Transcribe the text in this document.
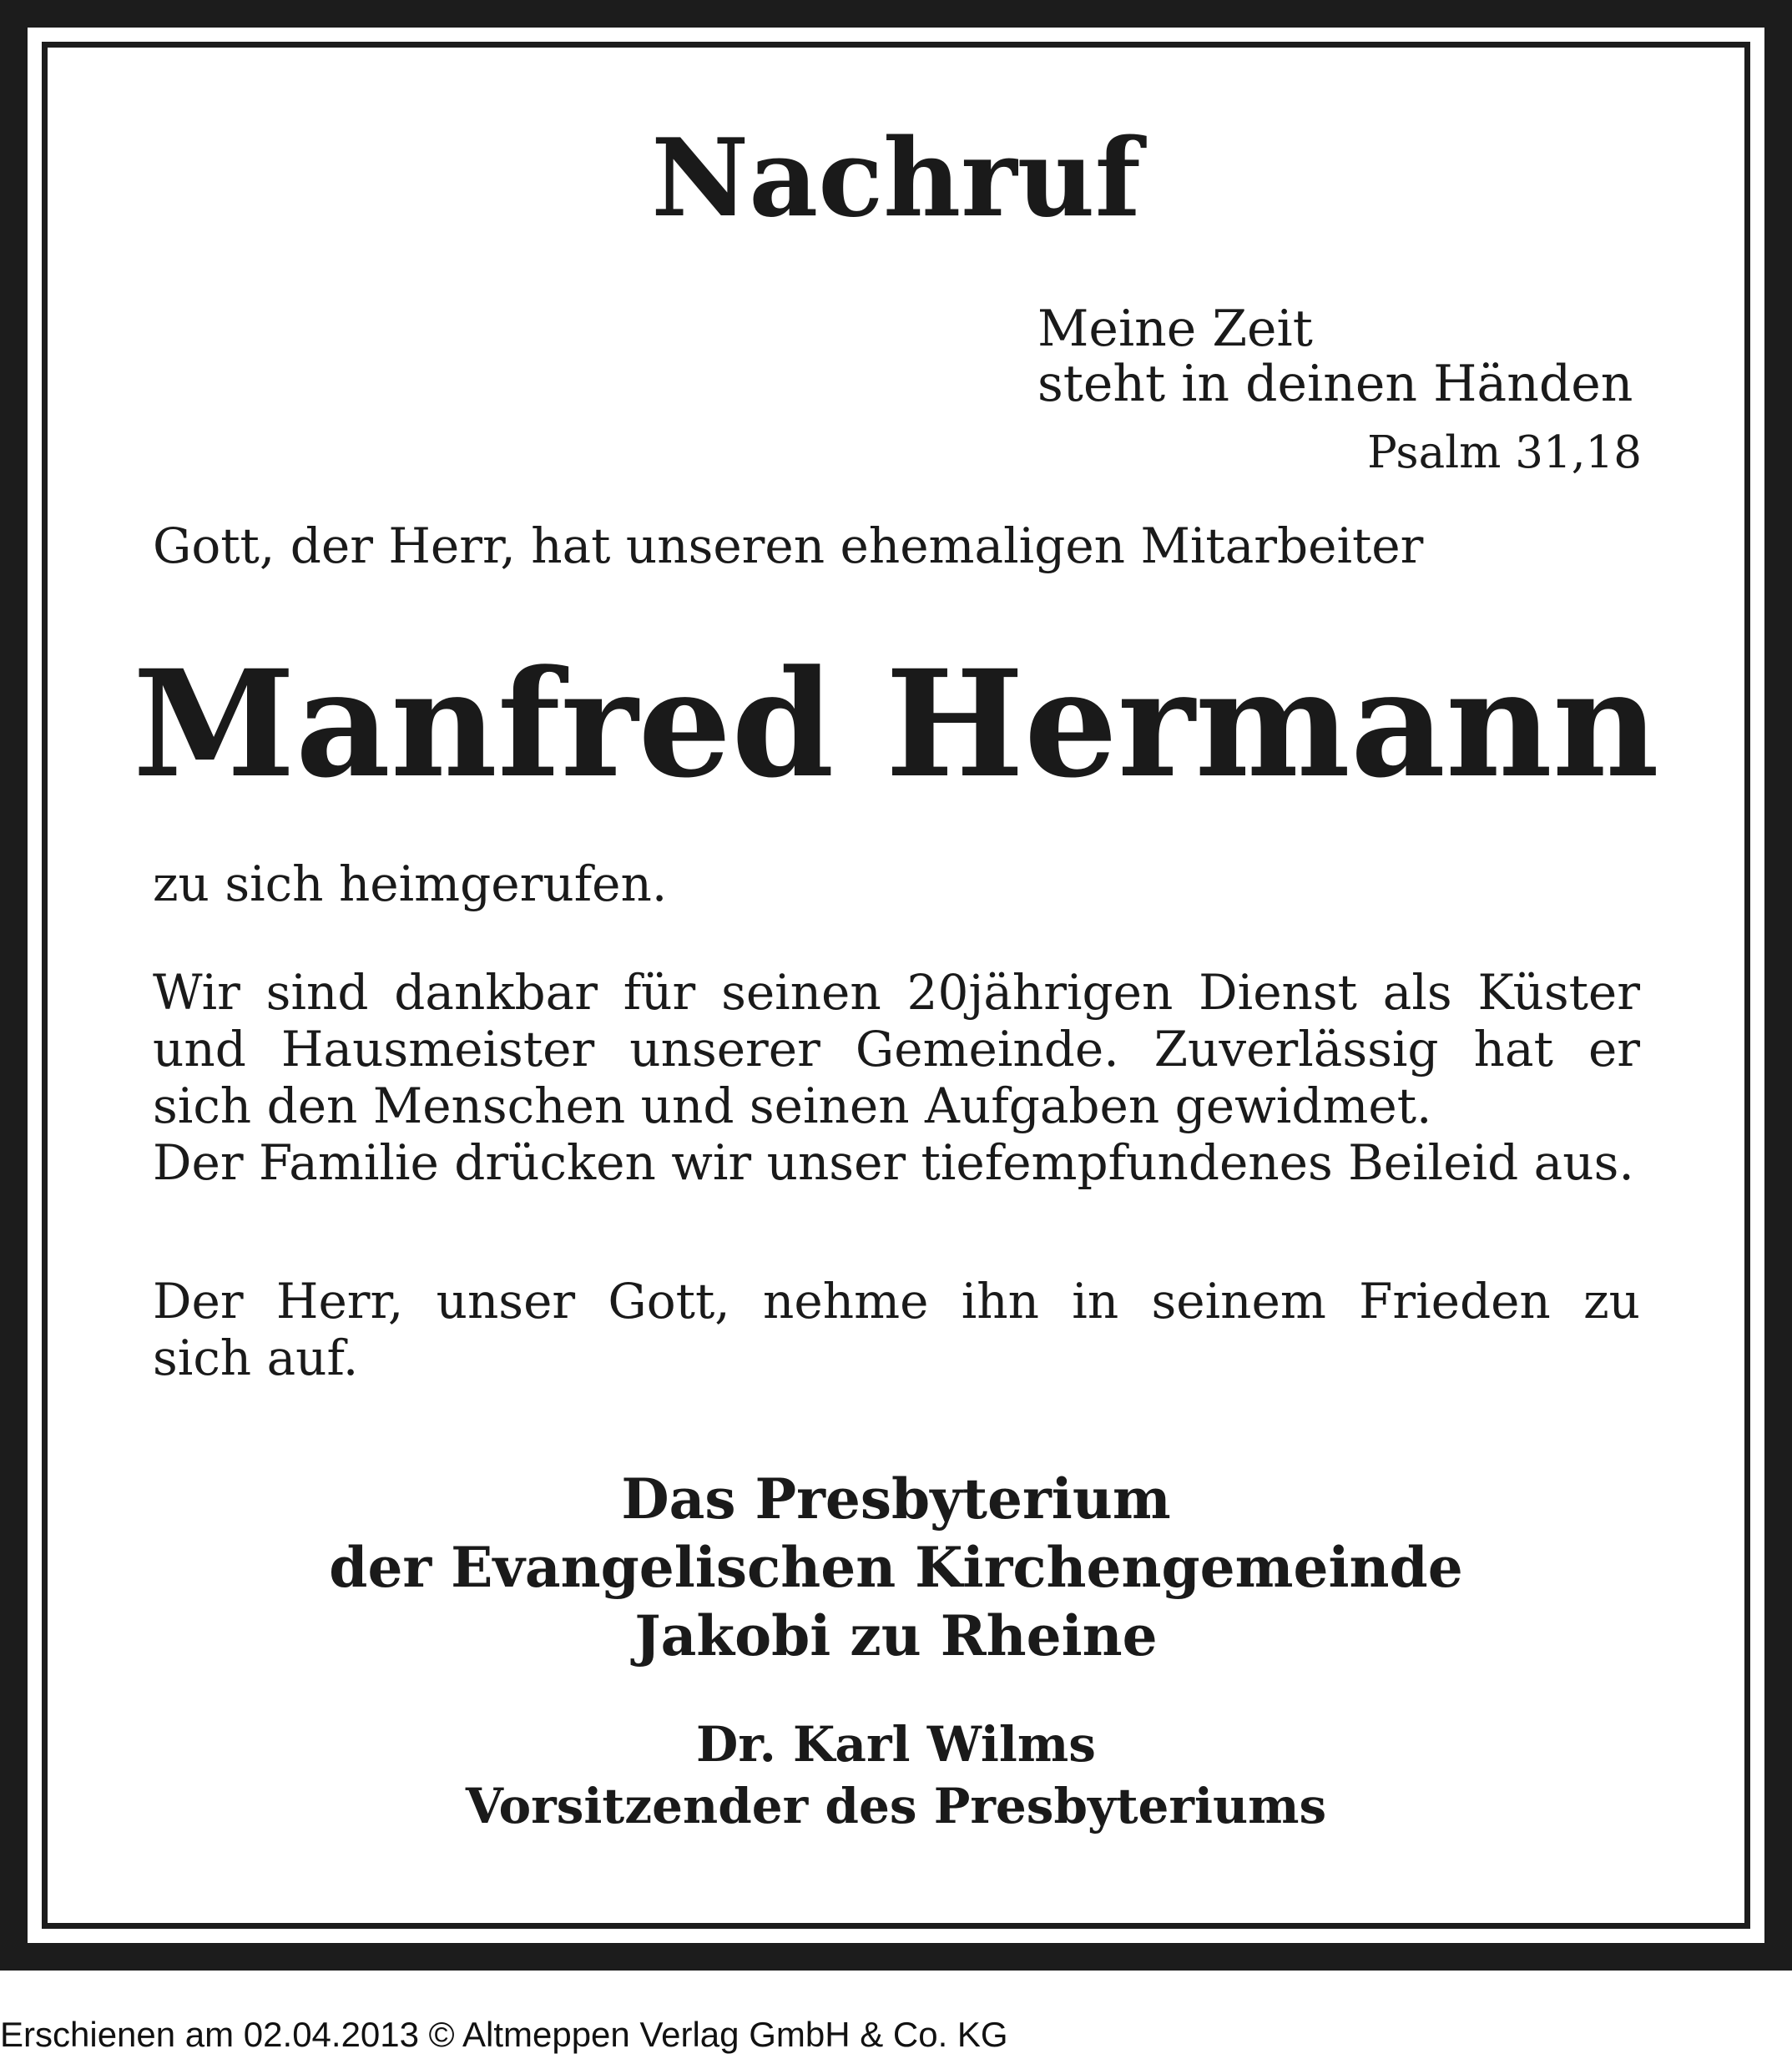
Nachruf
Meine Zeit
steht in deinen Händen
Psalm 31,18
Gott, der Herr, hat unseren ehemaligen Mitarbeiter
Manfred Hermann
zu sich heimgerufen.
Wir sind dankbar für seinen 20jährigen Dienst als Küster
und Hausmeister unserer Gemeinde. Zuverlässig hat er
sich den Menschen und seinen Aufgaben gewidmet.
Der Familie drücken wir unser tiefempfundenes Beileid aus.
Der Herr, unser Gott, nehme ihn in seinem Frieden zu
sich auf.
Das Presbyterium
der Evangelischen Kirchengemeinde
Jakobi zu Rheine
Dr. Karl Wilms
Vorsitzender des Presbyteriums
Erschienen am 02.04.2013 © Altmeppen Verlag GmbH & Co. KG
